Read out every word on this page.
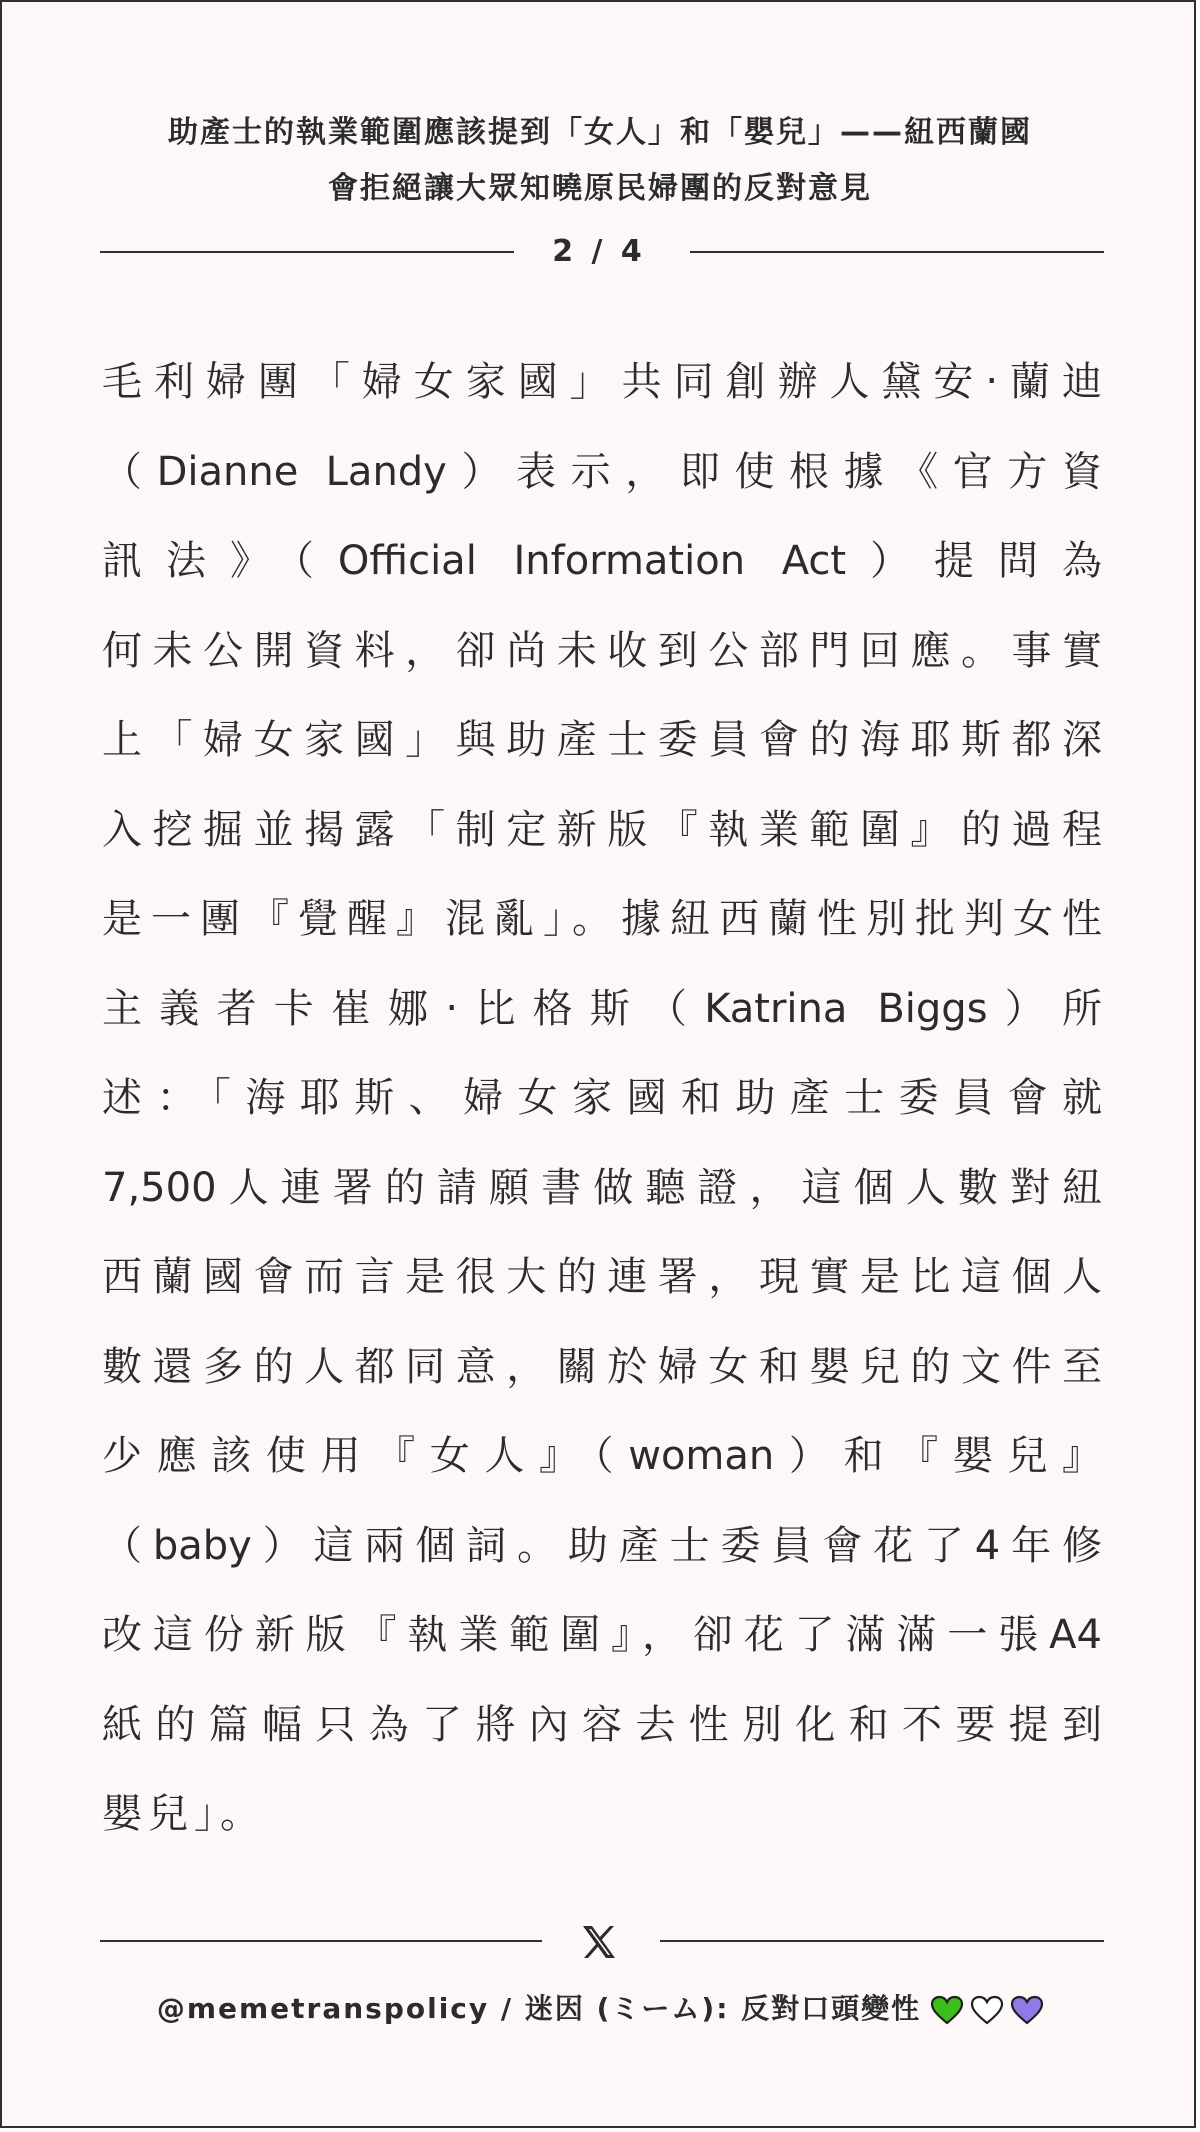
助產士的執業範圍應該提到「女人」和「嬰兒」——紐西蘭國
會拒絕讓大眾知曉原民婦團的反對意見
2 / 4
毛利婦團「婦女家國」共同創辦人黛安‧蘭迪
（Dianne Landy）表示，即使根據《官方資
訊法》（Official Information Act）提問為
何未公開資料，卻尚未收到公部門回應。事實
上「婦女家國」與助產士委員會的海耶斯都深
入挖掘並揭露「制定新版『執業範圍』的過程
是一團『覺醒』混亂」。據紐西蘭性別批判女性
主義者卡崔娜‧比格斯（Katrina Biggs）所
述：「海耶斯、婦女家國和助產士委員會就
7,500人連署的請願書做聽證，這個人數對紐
西蘭國會而言是很大的連署，現實是比這個人
數還多的人都同意，關於婦女和嬰兒的文件至
少應該使用『女人』（woman）和『嬰兒』
（baby）這兩個詞。助產士委員會花了4年修
改這份新版『執業範圍』，卻花了滿滿一張A4
紙的篇幅只為了將內容去性別化和不要提到
嬰兒」。
@memetranspolicy / 迷因 (ミーム): 反對口頭變性
